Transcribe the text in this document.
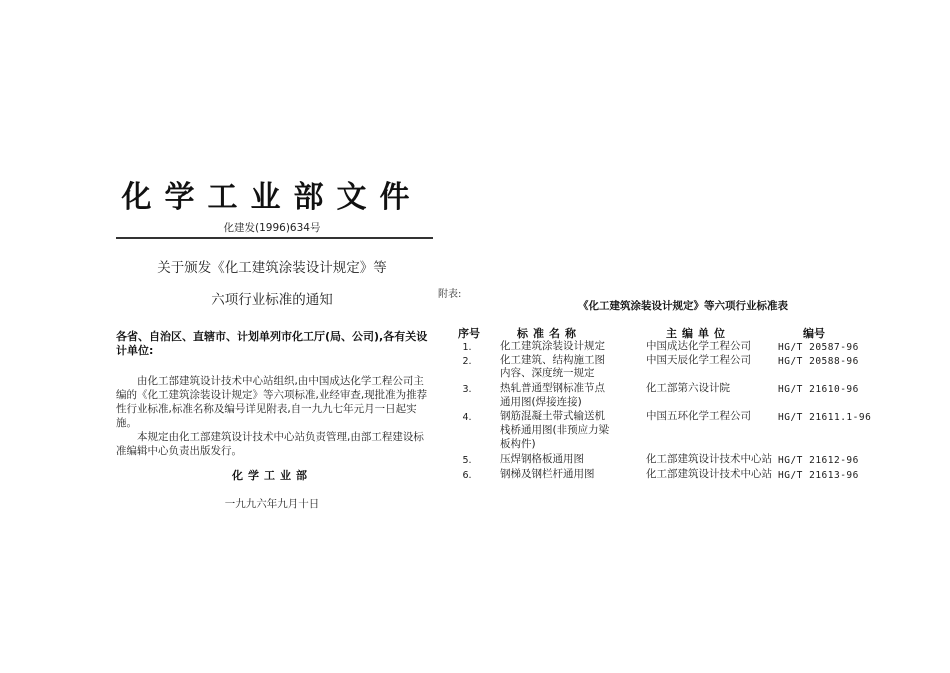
化学工业部文件
化建发(1996)634号
关于颁发《化工建筑涂装设计规定》等
六项行业标准的通知
各省、自治区、直辖市、计划单列市化工厅(局、公司),各有关设计单位:
由化工部建筑设计技术中心站组织,由中国成达化学工程公司主编的《化工建筑涂装设计规定》等六项标准,业经审查,现批准为推荐性行业标准,标准名称及编号详见附表,自一九九七年元月一日起实施。
本规定由化工部建筑设计技术中心站负责管理,由部工程建设标准编辑中心负责出版发行。
化学工业部
一九九六年九月十日
附表:
《化工建筑涂装设计规定》等六项行业标准表
序号	标准名称	主编单位	编号
1.	化工建筑涂装设计规定	中国成达化学工程公司	HG/T 20587-96
2.	化工建筑、结构施工图
内容、深度统一规定
中国天辰化学工程公司	HG/T 20588-96
3.	热轧普通型钢标准节点
通用图(焊接连接)
化工部第六设计院	HG/T 21610-96
4.	钢筋混凝土带式输送机
栈桥通用图(非预应力梁
板构件)
中国五环化学工程公司	HG/T 21611.1-96
5.	压焊钢格板通用图	化工部建筑设计技术中心站 HG/T 21612-96
6.	钢梯及钢栏杆通用图	化工部建筑设计技术中心站 HG/T 21613-96
